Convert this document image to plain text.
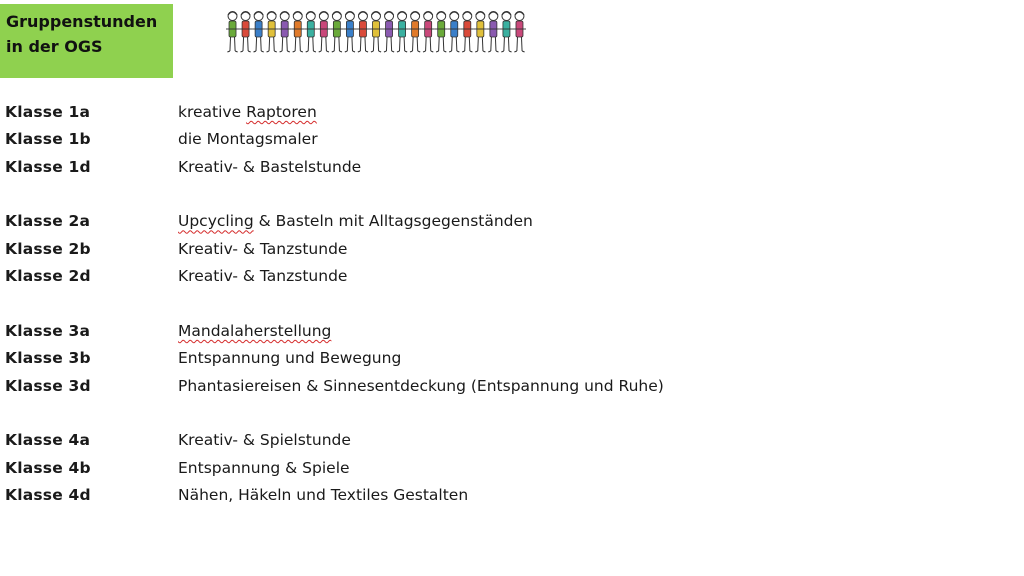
Gruppenstunden
in der OGS
Klasse 1a	kreative Raptoren
Klasse 1b	die Montagsmaler
Klasse 1d	Kreativ- & Bastelstunde
Klasse 2a	Upcycling & Basteln mit Alltagsgegenständen
Klasse 2b	Kreativ- & Tanzstunde
Klasse 2d	Kreativ- & Tanzstunde
Klasse 3a	Mandalaherstellung
Klasse 3b	Entspannung und Bewegung
Klasse 3d	Phantasiereisen & Sinnesentdeckung (Entspannung und Ruhe)
Klasse 4a	Kreativ- & Spielstunde
Klasse 4b	Entspannung & Spiele
Klasse 4d	Nähen, Häkeln und Textiles Gestalten
